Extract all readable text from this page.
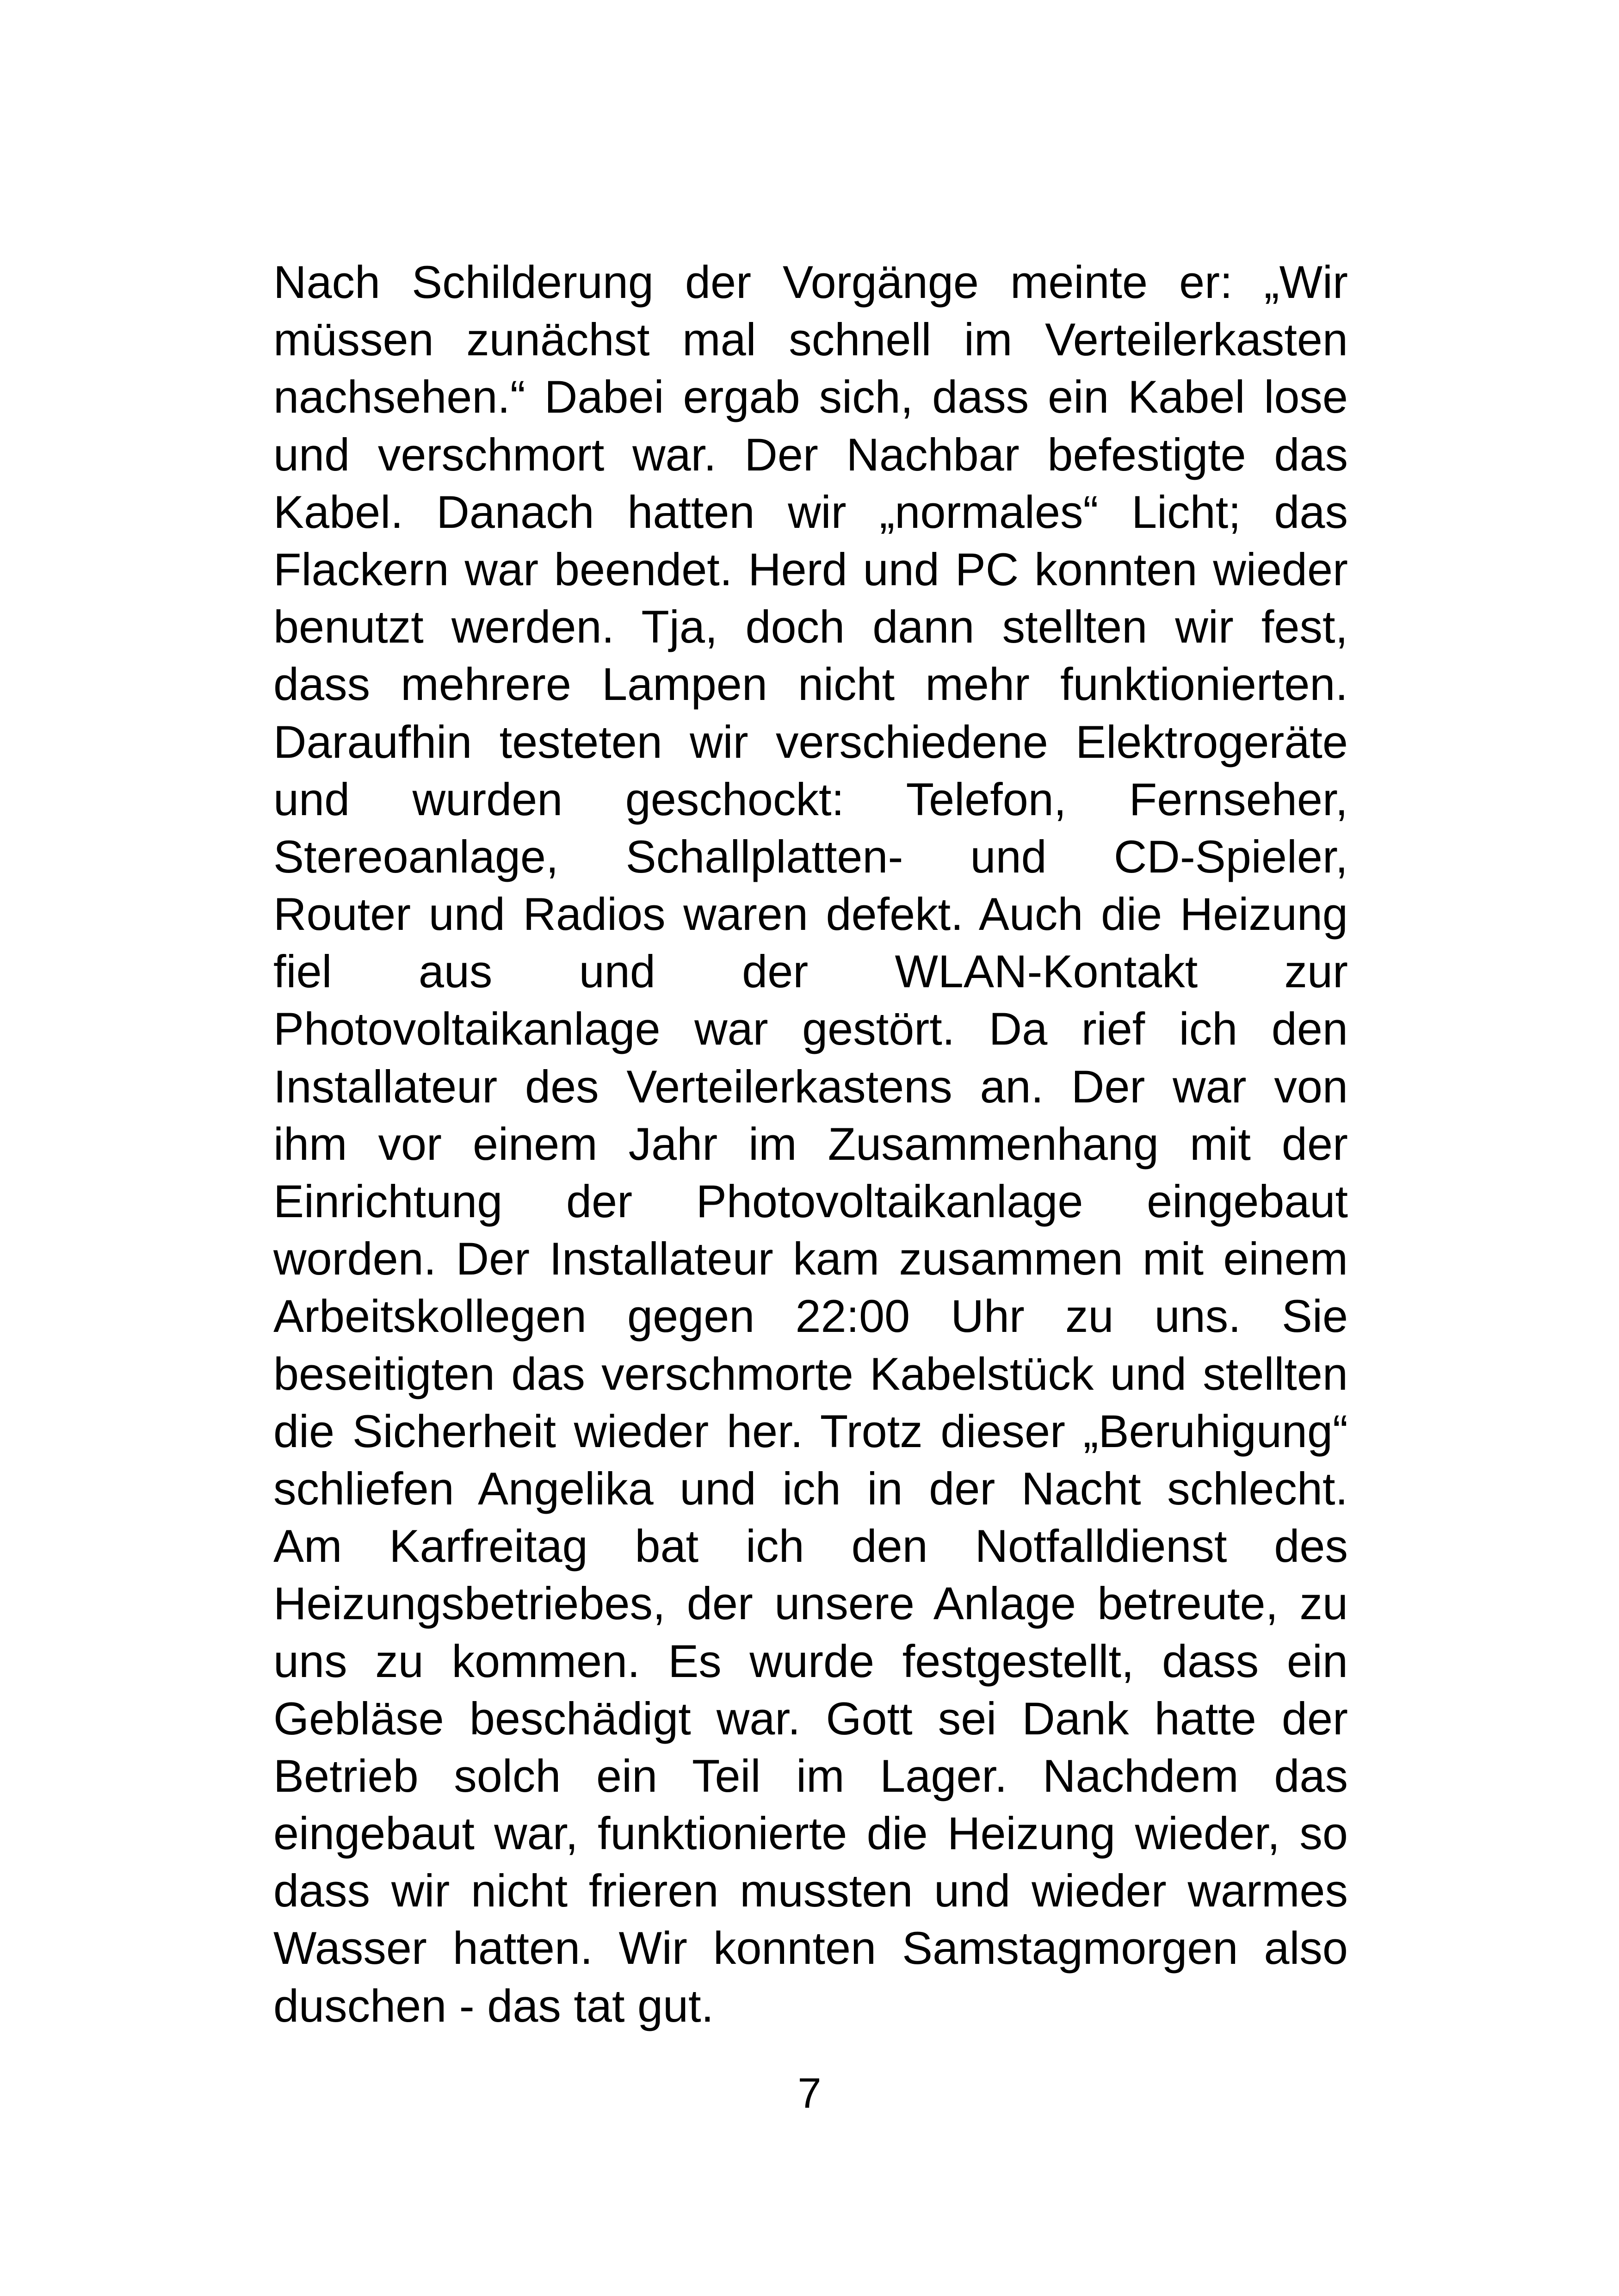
Nach Schilderung der Vorgänge meinte er: „Wir
müssen zunächst mal schnell im Verteilerkasten
nachsehen.“ Dabei ergab sich, dass ein Kabel lose
und verschmort war. Der Nachbar befestigte das
Kabel. Danach hatten wir „normales“ Licht; das
Flackern war beendet. Herd und PC konnten wieder
benutzt werden. Tja, doch dann stellten wir fest,
dass mehrere Lampen nicht mehr funktionierten.
Daraufhin testeten wir verschiedene Elektrogeräte
und wurden geschockt: Telefon, Fernseher,
Stereoanlage, Schallplatten- und CD-Spieler,
Router und Radios waren defekt. Auch die Heizung
fiel aus und der WLAN-Kontakt zur
Photovoltaikanlage war gestört. Da rief ich den
Installateur des Verteilerkastens an. Der war von
ihm vor einem Jahr im Zusammenhang mit der
Einrichtung der Photovoltaikanlage eingebaut
worden. Der Installateur kam zusammen mit einem
Arbeitskollegen gegen 22:00 Uhr zu uns. Sie
beseitigten das verschmorte Kabelstück und stellten
die Sicherheit wieder her. Trotz dieser „Beruhigung“
schliefen Angelika und ich in der Nacht schlecht.
Am Karfreitag bat ich den Notfalldienst des
Heizungsbetriebes, der unsere Anlage betreute, zu
uns zu kommen. Es wurde festgestellt, dass ein
Gebläse beschädigt war. Gott sei Dank hatte der
Betrieb solch ein Teil im Lager. Nachdem das
eingebaut war, funktionierte die Heizung wieder, so
dass wir nicht frieren mussten und wieder warmes
Wasser hatten. Wir konnten Samstagmorgen also
duschen - das tat gut.
7
